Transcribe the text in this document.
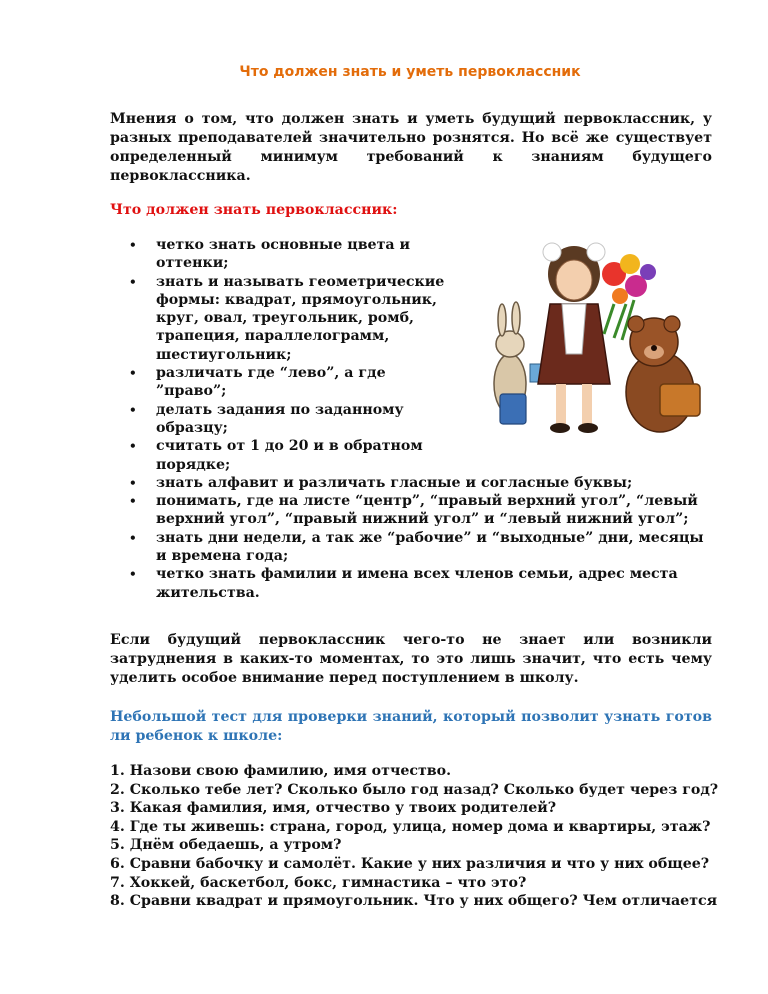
Что должен знать и уметь первоклассник
Мнения о том, что должен знать и уметь будущий первоклассник, у разных преподавателей значительно рознятся. Но всё же существует определенный минимум требований к знаниям будущего первоклассника.
Что должен знать первоклассник:
• четко знать основные цвета и оттенки;
• знать и называть геометрические формы: квадрат, прямоугольник, круг, овал, треугольник, ромб, трапеция, параллелограмм, шестиугольник;
• различать где “лево”, а где ”право”;
• делать задания по заданному образцу;
• считать от 1 до 20 и в обратном порядке;
• знать алфавит и различать гласные и согласные буквы;
• понимать, где на листе “центр”, “правый верхний угол”, “левый верхний угол”, “правый нижний угол” и “левый нижний угол”;
• знать дни недели, а так же “рабочие” и “выходные” дни, месяцы и времена года;
• четко знать фамилии и имена всех членов семьи, адрес места жительства.
Если будущий первоклассник чего-то не знает или возникли затруднения в каких-то моментах, то это лишь значит, что есть чему уделить особое внимание перед поступлением в школу.
Небольшой тест для проверки знаний, который позволит узнать готов ли ребенок к школе:
1. Назови свою фамилию, имя отчество.
2. Сколько тебе лет? Сколько было год назад? Сколько будет через год?
3. Какая фамилия, имя, отчество у твоих родителей?
4. Где ты живешь: страна, город, улица, номер дома и квартиры, этаж?
5. Днём обедаешь, а утром?
6. Сравни бабочку и самолёт. Какие у них различия и что у них общее?
7. Хоккей, баскетбол, бокс, гимнастика – что это?
8. Сравни квадрат и прямоугольник. Что у них общего? Чем отличается
